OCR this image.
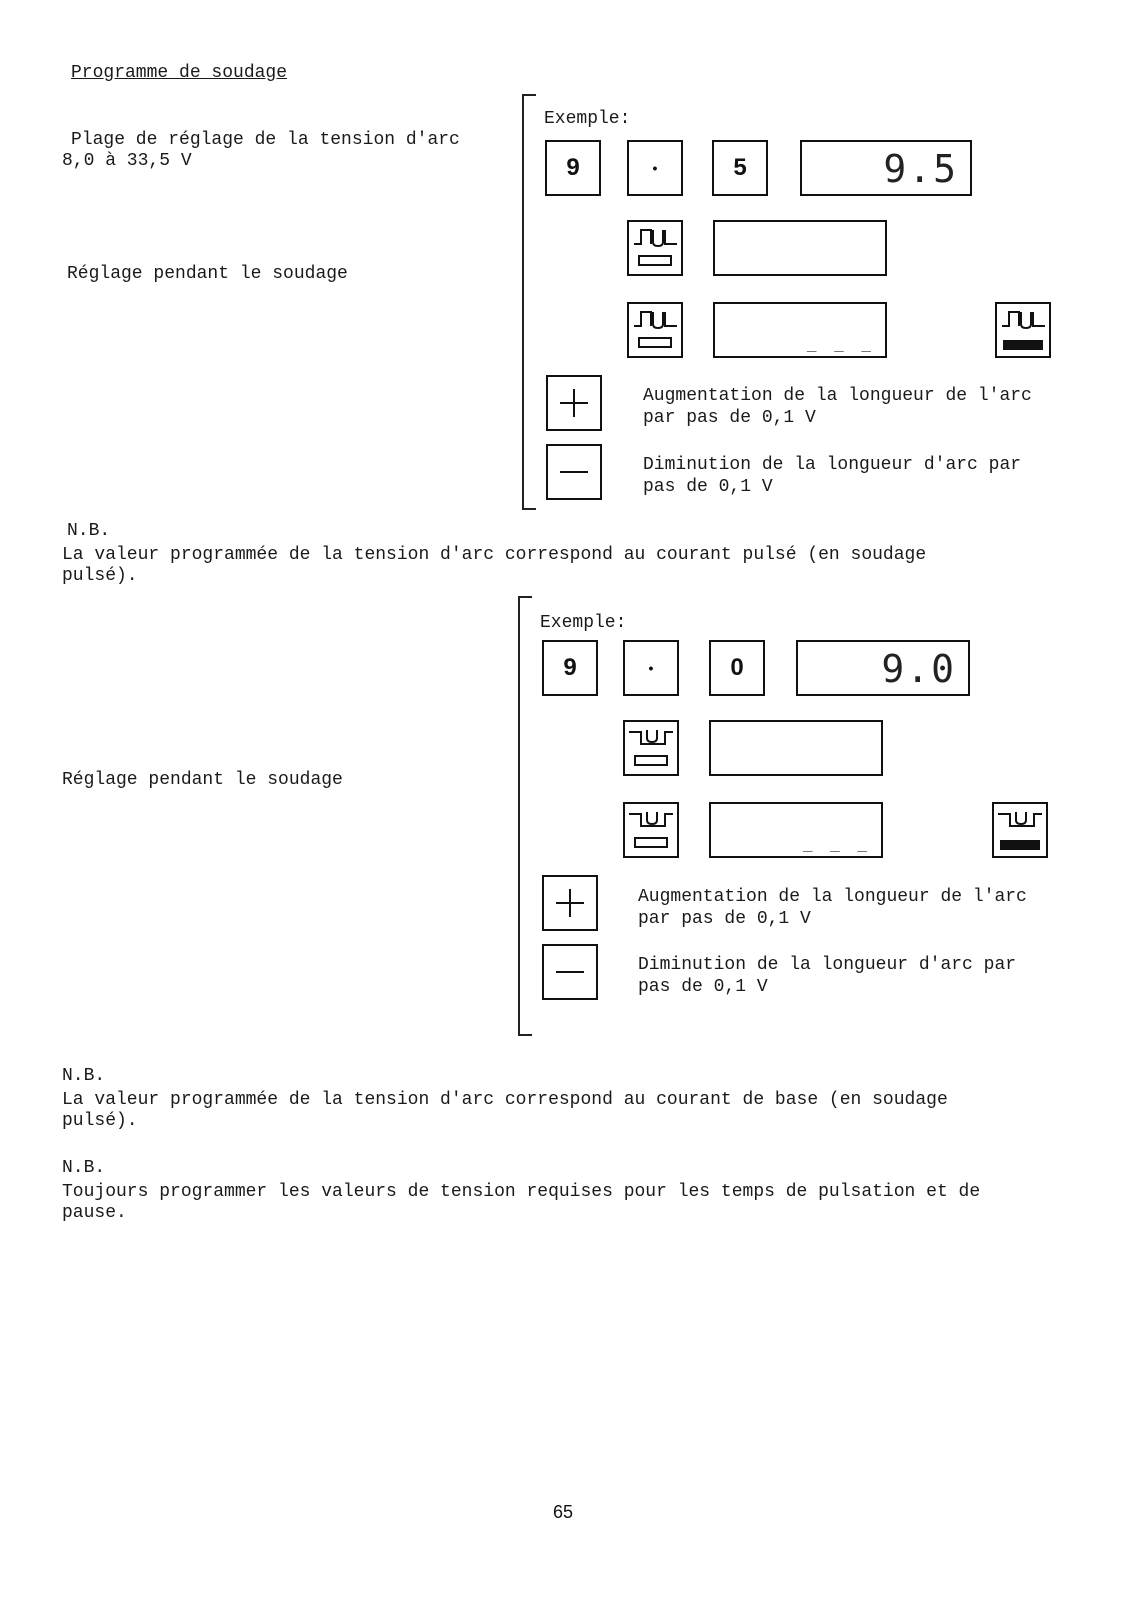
Programme de soudage
Plage de réglage de la tension d'arc
8,0 à 33,5 V
Réglage pendant le soudage
Exemple:
9	•	5	9.5
_ _ _
Augmentation de la longueur de l'arc
par pas de 0,1 V
Diminution de la longueur d'arc par
pas de 0,1 V
N.B.
La valeur programmée de la tension d'arc correspond au courant pulsé (en soudage
pulsé).
Réglage pendant le soudage
Exemple:
9	•	0	9.0
_ _ _
Augmentation de la longueur de l'arc
par pas de 0,1 V
Diminution de la longueur d'arc par
pas de 0,1 V
N.B.
La valeur programmée de la tension d'arc correspond au courant de base (en soudage
pulsé).
N.B.
Toujours programmer les valeurs de tension requises pour les temps de pulsation et de
pause.
65
